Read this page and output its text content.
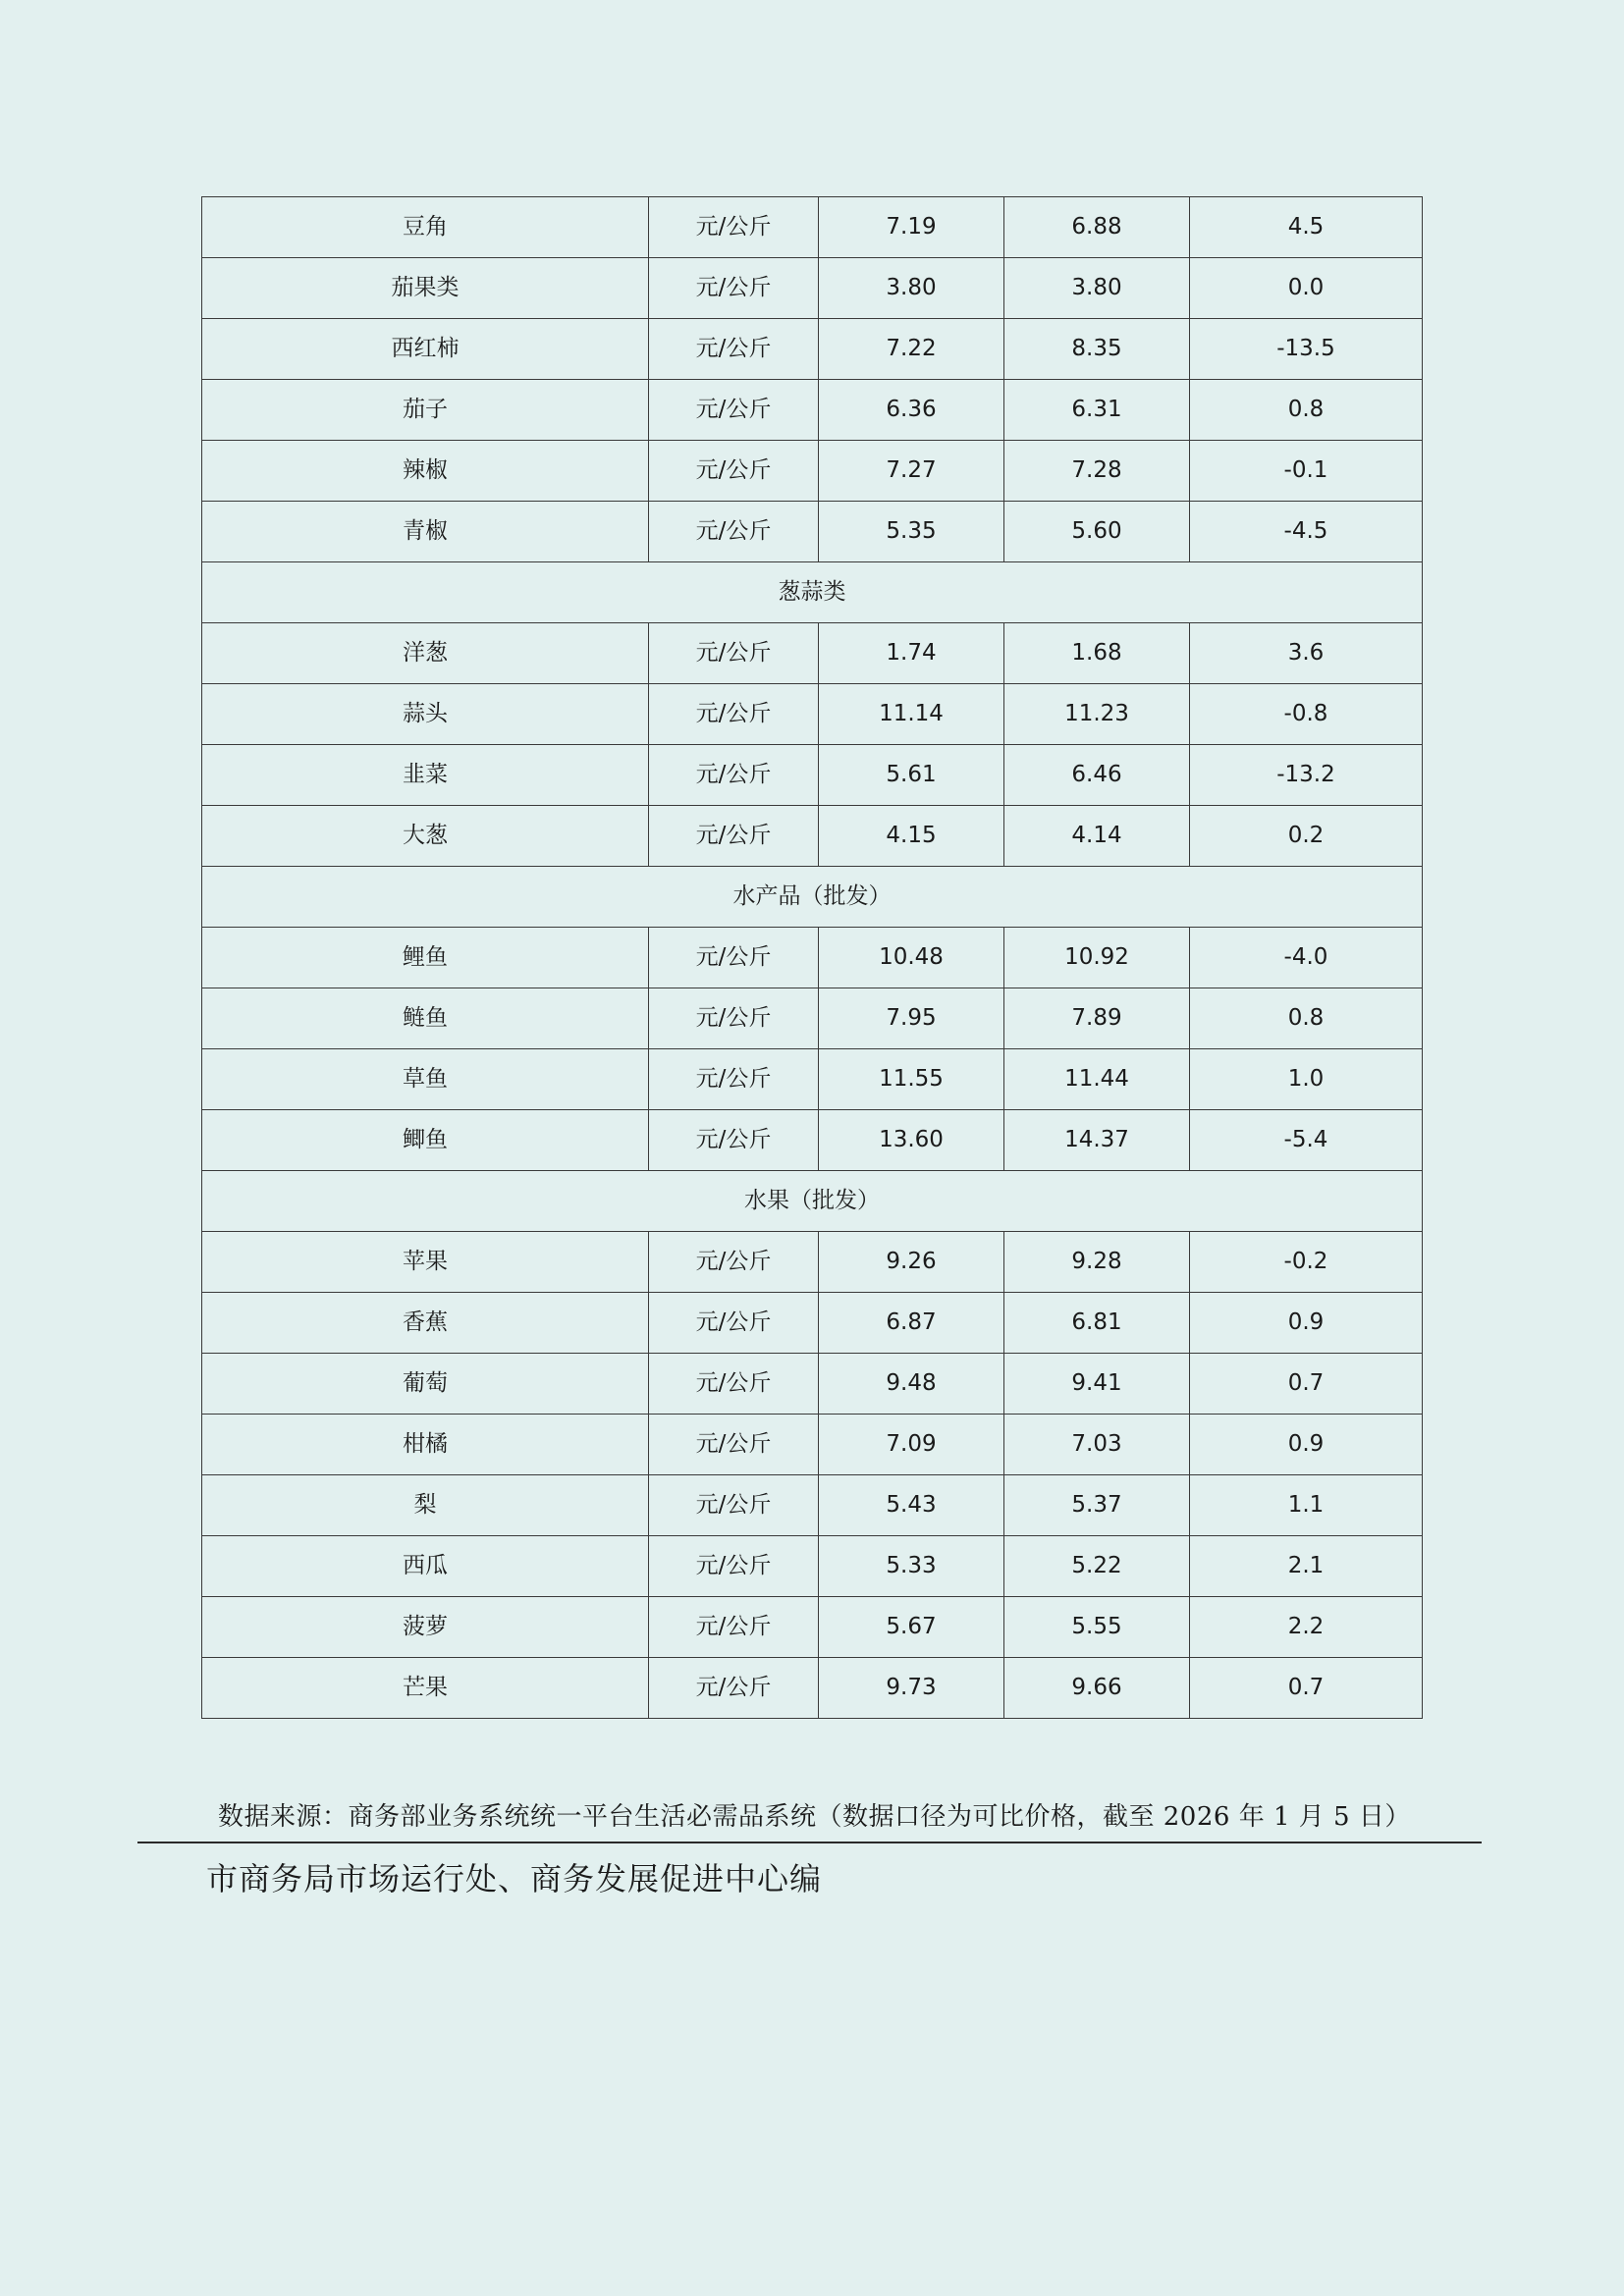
豆角	元/公斤	7.19	6.88	4.5
茄果类	元/公斤	3.80	3.80	0.0
西红柿	元/公斤	7.22	8.35	-13.5
茄子	元/公斤	6.36	6.31	0.8
辣椒	元/公斤	7.27	7.28	-0.1
青椒	元/公斤	5.35	5.60	-4.5
葱蒜类				
洋葱	元/公斤	1.74	1.68	3.6
蒜头	元/公斤	11.14	11.23	-0.8
韭菜	元/公斤	5.61	6.46	-13.2
大葱	元/公斤	4.15	4.14	0.2
水产品（批发）				
鲤鱼	元/公斤	10.48	10.92	-4.0
鲢鱼	元/公斤	7.95	7.89	0.8
草鱼	元/公斤	11.55	11.44	1.0
鲫鱼	元/公斤	13.60	14.37	-5.4
水果（批发）				
苹果	元/公斤	9.26	9.28	-0.2
香蕉	元/公斤	6.87	6.81	0.9
葡萄	元/公斤	9.48	9.41	0.7
柑橘	元/公斤	7.09	7.03	0.9
梨	元/公斤	5.43	5.37	1.1
西瓜	元/公斤	5.33	5.22	2.1
菠萝	元/公斤	5.67	5.55	2.2
芒果	元/公斤	9.73	9.66	0.7
数据来源：商务部业务系统统一平台生活必需品系统（数据口径为可比价格，截至 2026 年 1 月 5 日）
市商务局市场运行处、商务发展促进中心编
